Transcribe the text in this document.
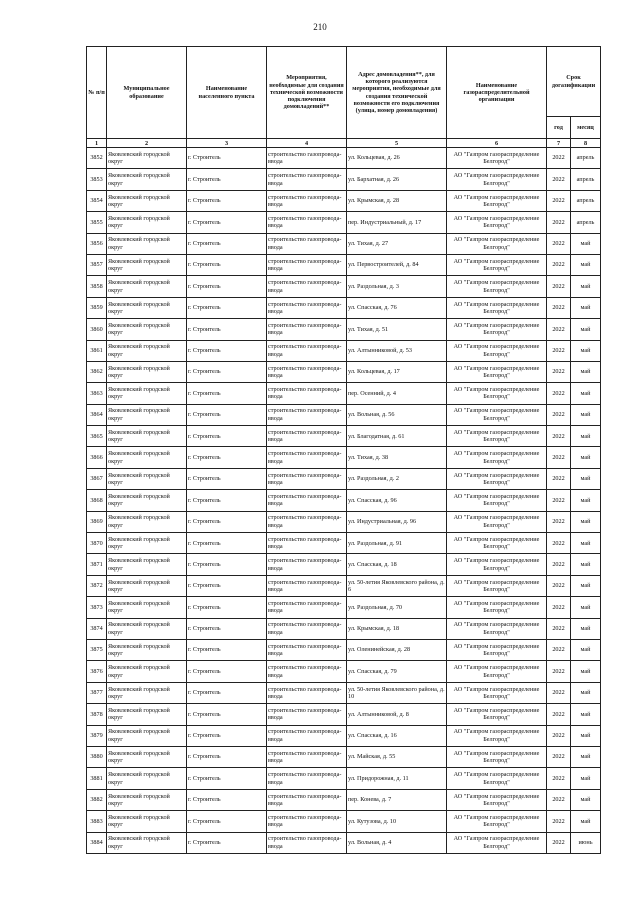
210
№ п/п	Муниципальное образование	Наименование населенного пункта	Мероприятия, необходимые для создания технической возможности подключения домовладений**	Адрес домовладения**, для которого реализуются мероприятия, необходимые для создания технической возможности его подключения (улица, номер домовладения)	Наименование газораспределительной организации	Срок догазификации	
						год	месяц
1	2	3	4	5	6	7	8
3852	Яковлевский городской округ	г. Строитель	строительство газопровода-ввода	ул. Кольцевая, д. 26	АО "Газпром газораспределение Белгород"	2022	апрель
3853	Яковлевский городской округ	г. Строитель	строительство газопровода-ввода	ул. Бархатная, д. 26	АО "Газпром газораспределение Белгород"	2022	апрель
3854	Яковлевский городской округ	г. Строитель	строительство газопровода-ввода	ул. Крымская, д. 28	АО "Газпром газораспределение Белгород"	2022	апрель
3855	Яковлевский городской округ	г. Строитель	строительство газопровода-ввода	пер. Индустриальный, д. 17	АО "Газпром газораспределение Белгород"	2022	апрель
3856	Яковлевский городской округ	г. Строитель	строительство газопровода-ввода	ул. Тихая, д. 27	АО "Газпром газораспределение Белгород"	2022	май
3857	Яковлевский городской округ	г. Строитель	строительство газопровода-ввода	ул. Первостроителей, д. 84	АО "Газпром газораспределение Белгород"	2022	май
3858	Яковлевский городской округ	г. Строитель	строительство газопровода-ввода	ул. Раздольная, д. 3	АО "Газпром газораспределение Белгород"	2022	май
3859	Яковлевский городской округ	г. Строитель	строительство газопровода-ввода	ул. Спасская, д. 76	АО "Газпром газораспределение Белгород"	2022	май
3860	Яковлевский городской округ	г. Строитель	строительство газопровода-ввода	ул. Тихая, д. 51	АО "Газпром газораспределение Белгород"	2022	май
3861	Яковлевский городской округ	г. Строитель	строительство газопровода-ввода	ул. Алтынниковой, д. 53	АО "Газпром газораспределение Белгород"	2022	май
3862	Яковлевский городской округ	г. Строитель	строительство газопровода-ввода	ул. Кольцевая, д. 17	АО "Газпром газораспределение Белгород"	2022	май
3863	Яковлевский городской округ	г. Строитель	строительство газопровода-ввода	пер. Осенний, д. 4	АО "Газпром газораспределение Белгород"	2022	май
3864	Яковлевский городской округ	г. Строитель	строительство газопровода-ввода	ул. Вольная, д. 56	АО "Газпром газораспределение Белгород"	2022	май
3865	Яковлевский городской округ	г. Строитель	строительство газопровода-ввода	ул. Благодатная, д. 61	АО "Газпром газораспределение Белгород"	2022	май
3866	Яковлевский городской округ	г. Строитель	строительство газопровода-ввода	ул. Тихая, д. 38	АО "Газпром газораспределение Белгород"	2022	май
3867	Яковлевский городской округ	г. Строитель	строительство газопровода-ввода	ул. Раздольная, д. 2	АО "Газпром газораспределение Белгород"	2022	май
3868	Яковлевский городской округ	г. Строитель	строительство газопровода-ввода	ул. Спасская, д. 96	АО "Газпром газораспределение Белгород"	2022	май
3869	Яковлевский городской округ	г. Строитель	строительство газопровода-ввода	ул. Индустриальная, д. 96	АО "Газпром газораспределение Белгород"	2022	май
3870	Яковлевский городской округ	г. Строитель	строительство газопровода-ввода	ул. Раздольная, д. 91	АО "Газпром газораспределение Белгород"	2022	май
3871	Яковлевский городской округ	г. Строитель	строительство газопровода-ввода	ул. Спасская, д. 18	АО "Газпром газораспределение Белгород"	2022	май
3872	Яковлевский городской округ	г. Строитель	строительство газопровода-ввода	ул. 50-летия Яковлевского района, д. 6	АО "Газпром газораспределение Белгород"	2022	май
3873	Яковлевский городской округ	г. Строитель	строительство газопровода-ввода	ул. Раздольная, д. 70	АО "Газпром газораспределение Белгород"	2022	май
3874	Яковлевский городской округ	г. Строитель	строительство газопровода-ввода	ул. Крымская, д. 18	АО "Газпром газораспределение Белгород"	2022	май
3875	Яковлевский городской округ	г. Строитель	строительство газопровода-ввода	ул. Оленинейская, д. 28	АО "Газпром газораспределение Белгород"	2022	май
3876	Яковлевский городской округ	г. Строитель	строительство газопровода-ввода	ул. Спасская, д. 79	АО "Газпром газораспределение Белгород"	2022	май
3877	Яковлевский городской округ	г. Строитель	строительство газопровода-ввода	ул. 50-летия Яковлевского района, д. 10	АО "Газпром газораспределение Белгород"	2022	май
3878	Яковлевский городской округ	г. Строитель	строительство газопровода-ввода	ул. Алтынниковой, д. 8	АО "Газпром газораспределение Белгород"	2022	май
3879	Яковлевский городской округ	г. Строитель	строительство газопровода-ввода	ул. Спасская, д. 16	АО "Газпром газораспределение Белгород"	2022	май
3880	Яковлевский городской округ	г. Строитель	строительство газопровода-ввода	ул. Майская, д. 55	АО "Газпром газораспределение Белгород"	2022	май
3881	Яковлевский городской округ	г. Строитель	строительство газопровода-ввода	ул. Придорожная, д. 11	АО "Газпром газораспределение Белгород"	2022	май
3882	Яковлевский городской округ	г. Строитель	строительство газопровода-ввода	пер. Конева, д. 7	АО "Газпром газораспределение Белгород"	2022	май
3883	Яковлевский городской округ	г. Строитель	строительство газопровода-ввода	ул. Кутузова, д. 10	АО "Газпром газораспределение Белгород"	2022	май
3884	Яковлевский городской округ	г. Строитель	строительство газопровода-ввода	ул. Вольная, д. 4	АО "Газпром газораспределение Белгород"	2022	июнь
